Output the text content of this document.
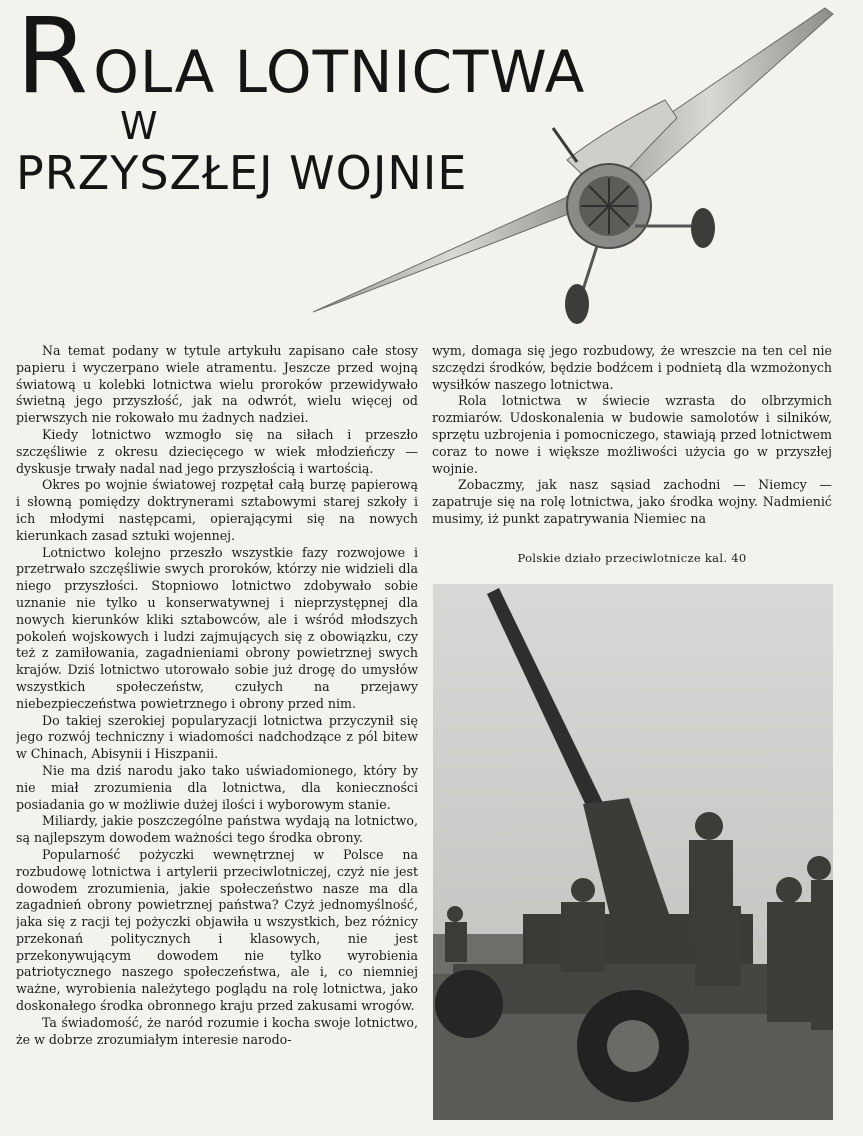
ROLA LOTNICTWA
W
PRZYSZŁEJ WOJNIE

Na temat podany w tytule artykułu zapisano całe stosy papieru i wyczerpano wiele atramentu. Jeszcze przed wojną światową u kolebki lotnictwa wielu proroków przewidywało świetną jego przyszłość, jak na odwrót, wielu więcej od pierwszych nie rokowało mu żadnych nadziei.

Kiedy lotnictwo wzmogło się na siłach i przeszło szczęśliwie z okresu dziecięcego w wiek młodzieńczy — dyskusje trwały nadal nad jego przyszłością i wartością.

Okres po wojnie światowej rozpętał całą burzę papierową i słowną pomiędzy doktrynerami sztabowymi starej szkoły i ich młodymi następcami, opierającymi się na nowych kierunkach zasad sztuki wojennej.

Lotnictwo kolejno przeszło wszystkie fazy rozwojowe i przetrwało szczęśliwie swych proroków, którzy nie widzieli dla niego przyszłości. Stopniowo lotnictwo zdobywało sobie uznanie nie tylko u konserwatywnej i nieprzystępnej dla nowych kierunków kliki sztabowców, ale i wśród młodszych pokoleń wojskowych i ludzi zajmujących się z obowiązku, czy też z zamiłowania, zagadnieniami obrony powietrznej swych krajów. Dziś lotnictwo utorowało sobie już drogę do umysłów wszystkich społeczeństw, czułych na przejawy niebezpieczeństwa powietrznego i obrony przed nim.

Do takiej szerokiej popularyzacji lotnictwa przyczynił się jego rozwój techniczny i wiadomości nadchodzące z pól bitew w Chinach, Abisynii i Hiszpanii.

Nie ma dziś narodu jako tako uświadomionego, który by nie miał zrozumienia dla lotnictwa, dla konieczności posiadania go w możliwie dużej ilości i wyborowym stanie.

Miliardy, jakie poszczególne państwa wydają na lotnictwo, są najlepszym dowodem ważności tego środka obrony.

Popularność pożyczki wewnętrznej w Polsce na rozbudowę lotnictwa i artylerii przeciwlotniczej, czyż nie jest dowodem zrozumienia, jakie społeczeństwo nasze ma dla zagadnień obrony powietrznej państwa? Czyż jednomyślność, jaka się z racji tej pożyczki objawiła u wszystkich, bez różnicy przekonań politycznych i klasowych, nie jest przekonywującym dowodem nie tylko wyrobienia patriotycznego naszego społeczeństwa, ale i, co niemniej ważne, wyrobienia należytego poglądu na rolę lotnictwa, jako doskonałego środka obronnego kraju przed zakusami wrogów.

Ta świadomość, że naród rozumie i kocha swoje lotnictwo, że w dobrze zrozumiałym interesie narodo-

wym, domaga się jego rozbudowy, że wreszcie na ten cel nie szczędzi środków, będzie bodźcem i podnietą dla wzmożonych wysiłków naszego lotnictwa.

Rola lotnictwa w świecie wzrasta do olbrzymich rozmiarów. Udoskonalenia w budowie samolotów i silników, sprzętu uzbrojenia i pomocniczego, stawiają przed lotnictwem coraz to nowe i większe możliwości użycia go w przyszłej wojnie.

Zobaczmy, jak nasz sąsiad zachodni — Niemcy — zapatruje się na rolę lotnictwa, jako środka wojny. Nadmienić musimy, iż punkt zapatrywania Niemiec na

Polskie działo przeciwlotnicze kal. 40
